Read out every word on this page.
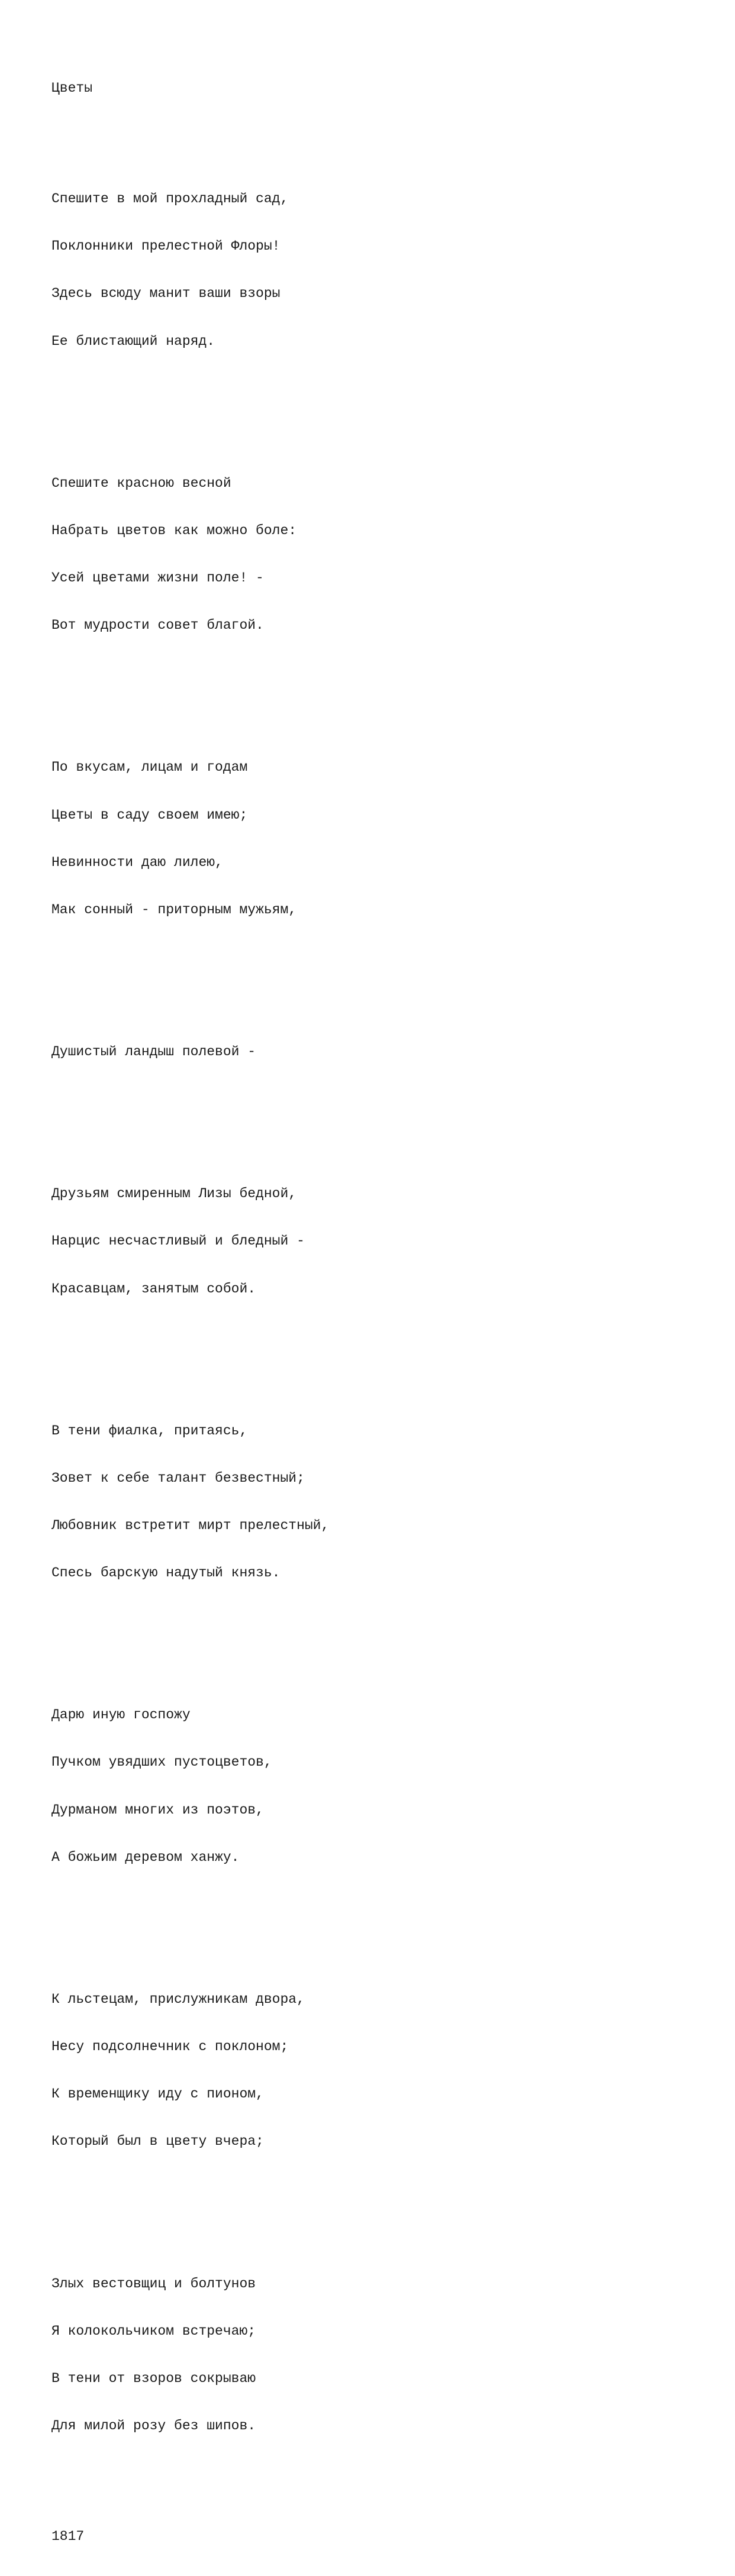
Цветы

Спешите в мой прохладный сад,

Поклонники прелестной Флоры!

Здесь всюду манит ваши взоры

Ее блистающий наряд.

Спешите красною весной

Набрать цветов как можно боле:

Усей цветами жизни поле! -

Вот мудрости совет благой.

По вкусам, лицам и годам

Цветы в саду своем имею;

Невинности даю лилею,

Мак сонный - приторным мужьям,

Душистый ландыш полевой -

Друзьям смиренным Лизы бедной,

Нарцис несчастливый и бледный -

Красавцам, занятым собой.

В тени фиалка, притаясь,

Зовет к себе талант безвестный;

Любовник встретит мирт прелестный,

Спесь барскую надутый князь.

Дарю иную госпожу

Пучком увядших пустоцветов,

Дурманом многих из поэтов,

А божьим деревом ханжу.

К льстецам, прислужникам двора,

Несу подсолнечник с поклоном;

К временщику иду с пионом,

Который был в цвету вчера;

Злых вестовщиц и болтунов

Я колокольчиком встречаю;

В тени от взоров сокрываю

Для милой розу без шипов.

1817
